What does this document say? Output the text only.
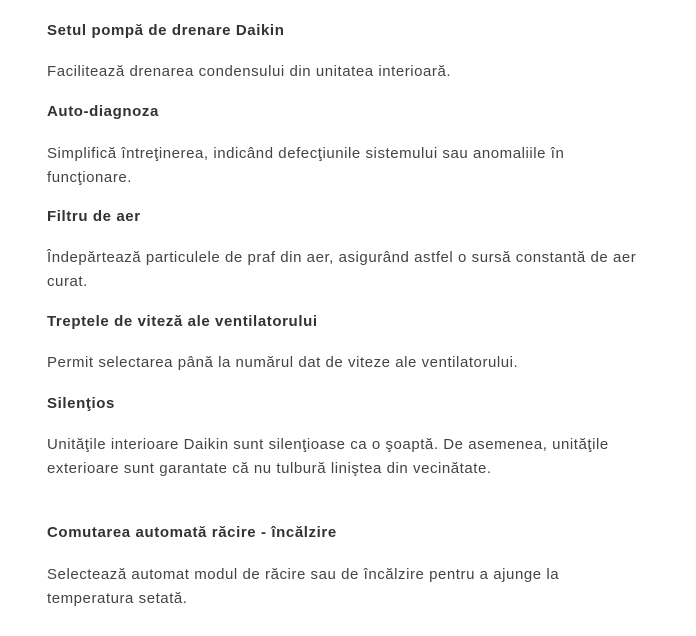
Setul pompă de drenare Daikin
Facilitează drenarea condensului din unitatea interioară.
Auto-diagnoza
Simplifică întreţinerea, indicând defecţiunile sistemului sau anomaliile în funcţionare.
Filtru de aer
Îndepărtează particulele de praf din aer, asigurând astfel o sursă constantă de aer curat.
Treptele de viteză ale ventilatorului
Permit selectarea până la numărul dat de viteze ale ventilatorului.
Silenţios
Unităţile interioare Daikin sunt silenţioase ca o şoaptă. De asemenea, unităţile exterioare sunt garantate că nu tulbură liniştea din vecinătate.
Comutarea automată răcire - încălzire
Selectează automat modul de răcire sau de încălzire pentru a ajunge la temperatura setată.
